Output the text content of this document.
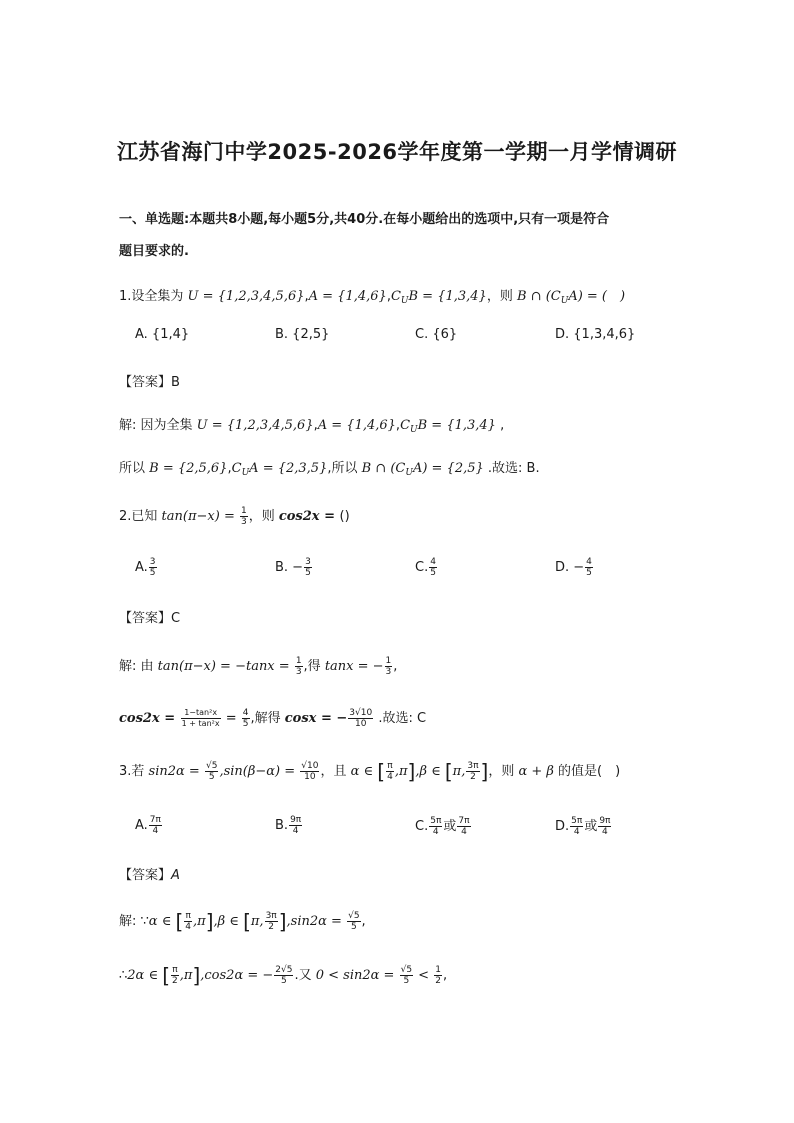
江苏省海门中学2025-2026学年度第一学期一月学情调研
一、单选题:本题共8小题,每小题5分,共40分.在每小题给出的选项中,只有一项是符合
题目要求的.
1.设全集为 $U = \{1,2,3,4,5,6\},A = \{1,4,6\},C_UB = \{1,3,4\}$，则 B ∩ $(C_UA)$ = (　)
A. {1,4}	B. {2,5}	C. {6}	D. {1,3,4,6}
【答案】B
解: 因为全集 $U = \{1,2,3,4,5,6\},A = \{1,4,6\},C_UB = \{1,3,4\}$ ,
所以 $B = \{2,5,6\},C_UA = \{2,3,5\}$,所以 B ∩ $(C_UA) = \{2,5\}$ .故选: B.
2.已知 $\tan(\pi-x) = \frac{1}{3}$ ，则 cos2x = ()
A. $\frac{3}{5}$	B. − $\frac{3}{5}$	C. $\frac{4}{5}$	D. − $\frac{4}{5}$
【答案】C
解: 由 $\tan(\pi-x) = -\tan x = \frac{1}{3}$ ,得 tanx = − $\frac{1}{3}$ ,
$\cos 2x = \frac{\text{1−tan²x}}{\text{1 + tan²x}} = \frac{4}{5}$ ,解得 cosx = − $\frac{3√10}{10}$ .故选: C
3.若 $\sin 2\alpha = \frac{√5}{5} ,\sin(\beta-\alpha) = \frac{√10}{10}$ ，且 α ∈ [ $\frac{\pi}{4} ,\pi],\beta$ ∈ [π, $\frac{3\pi}{2}$ ]，则 α + β 的值是(　)
A. $\frac{7\pi}{4}$	B. $\frac{9\pi}{4}$	C. $\frac{5\pi}{4}$ 或 $\frac{7\pi}{4}$	D. $\frac{5\pi}{4}$ 或 $\frac{9\pi}{4}$
【答案】A
解: ∵α ∈ [ $\frac{\pi}{4} ,\pi],\beta$ ∈ [π, $\frac{3\pi}{2} ],\sin 2\alpha = \frac{√5}{5}$ ,
∴2α ∈ [ $\frac{\pi}{2} ,\pi],\cos 2\alpha$ = − $\frac{2√5}{5}$ .又 $0 < \sin 2\alpha = \frac{√5}{5} < \frac{1}{2}$ ,
